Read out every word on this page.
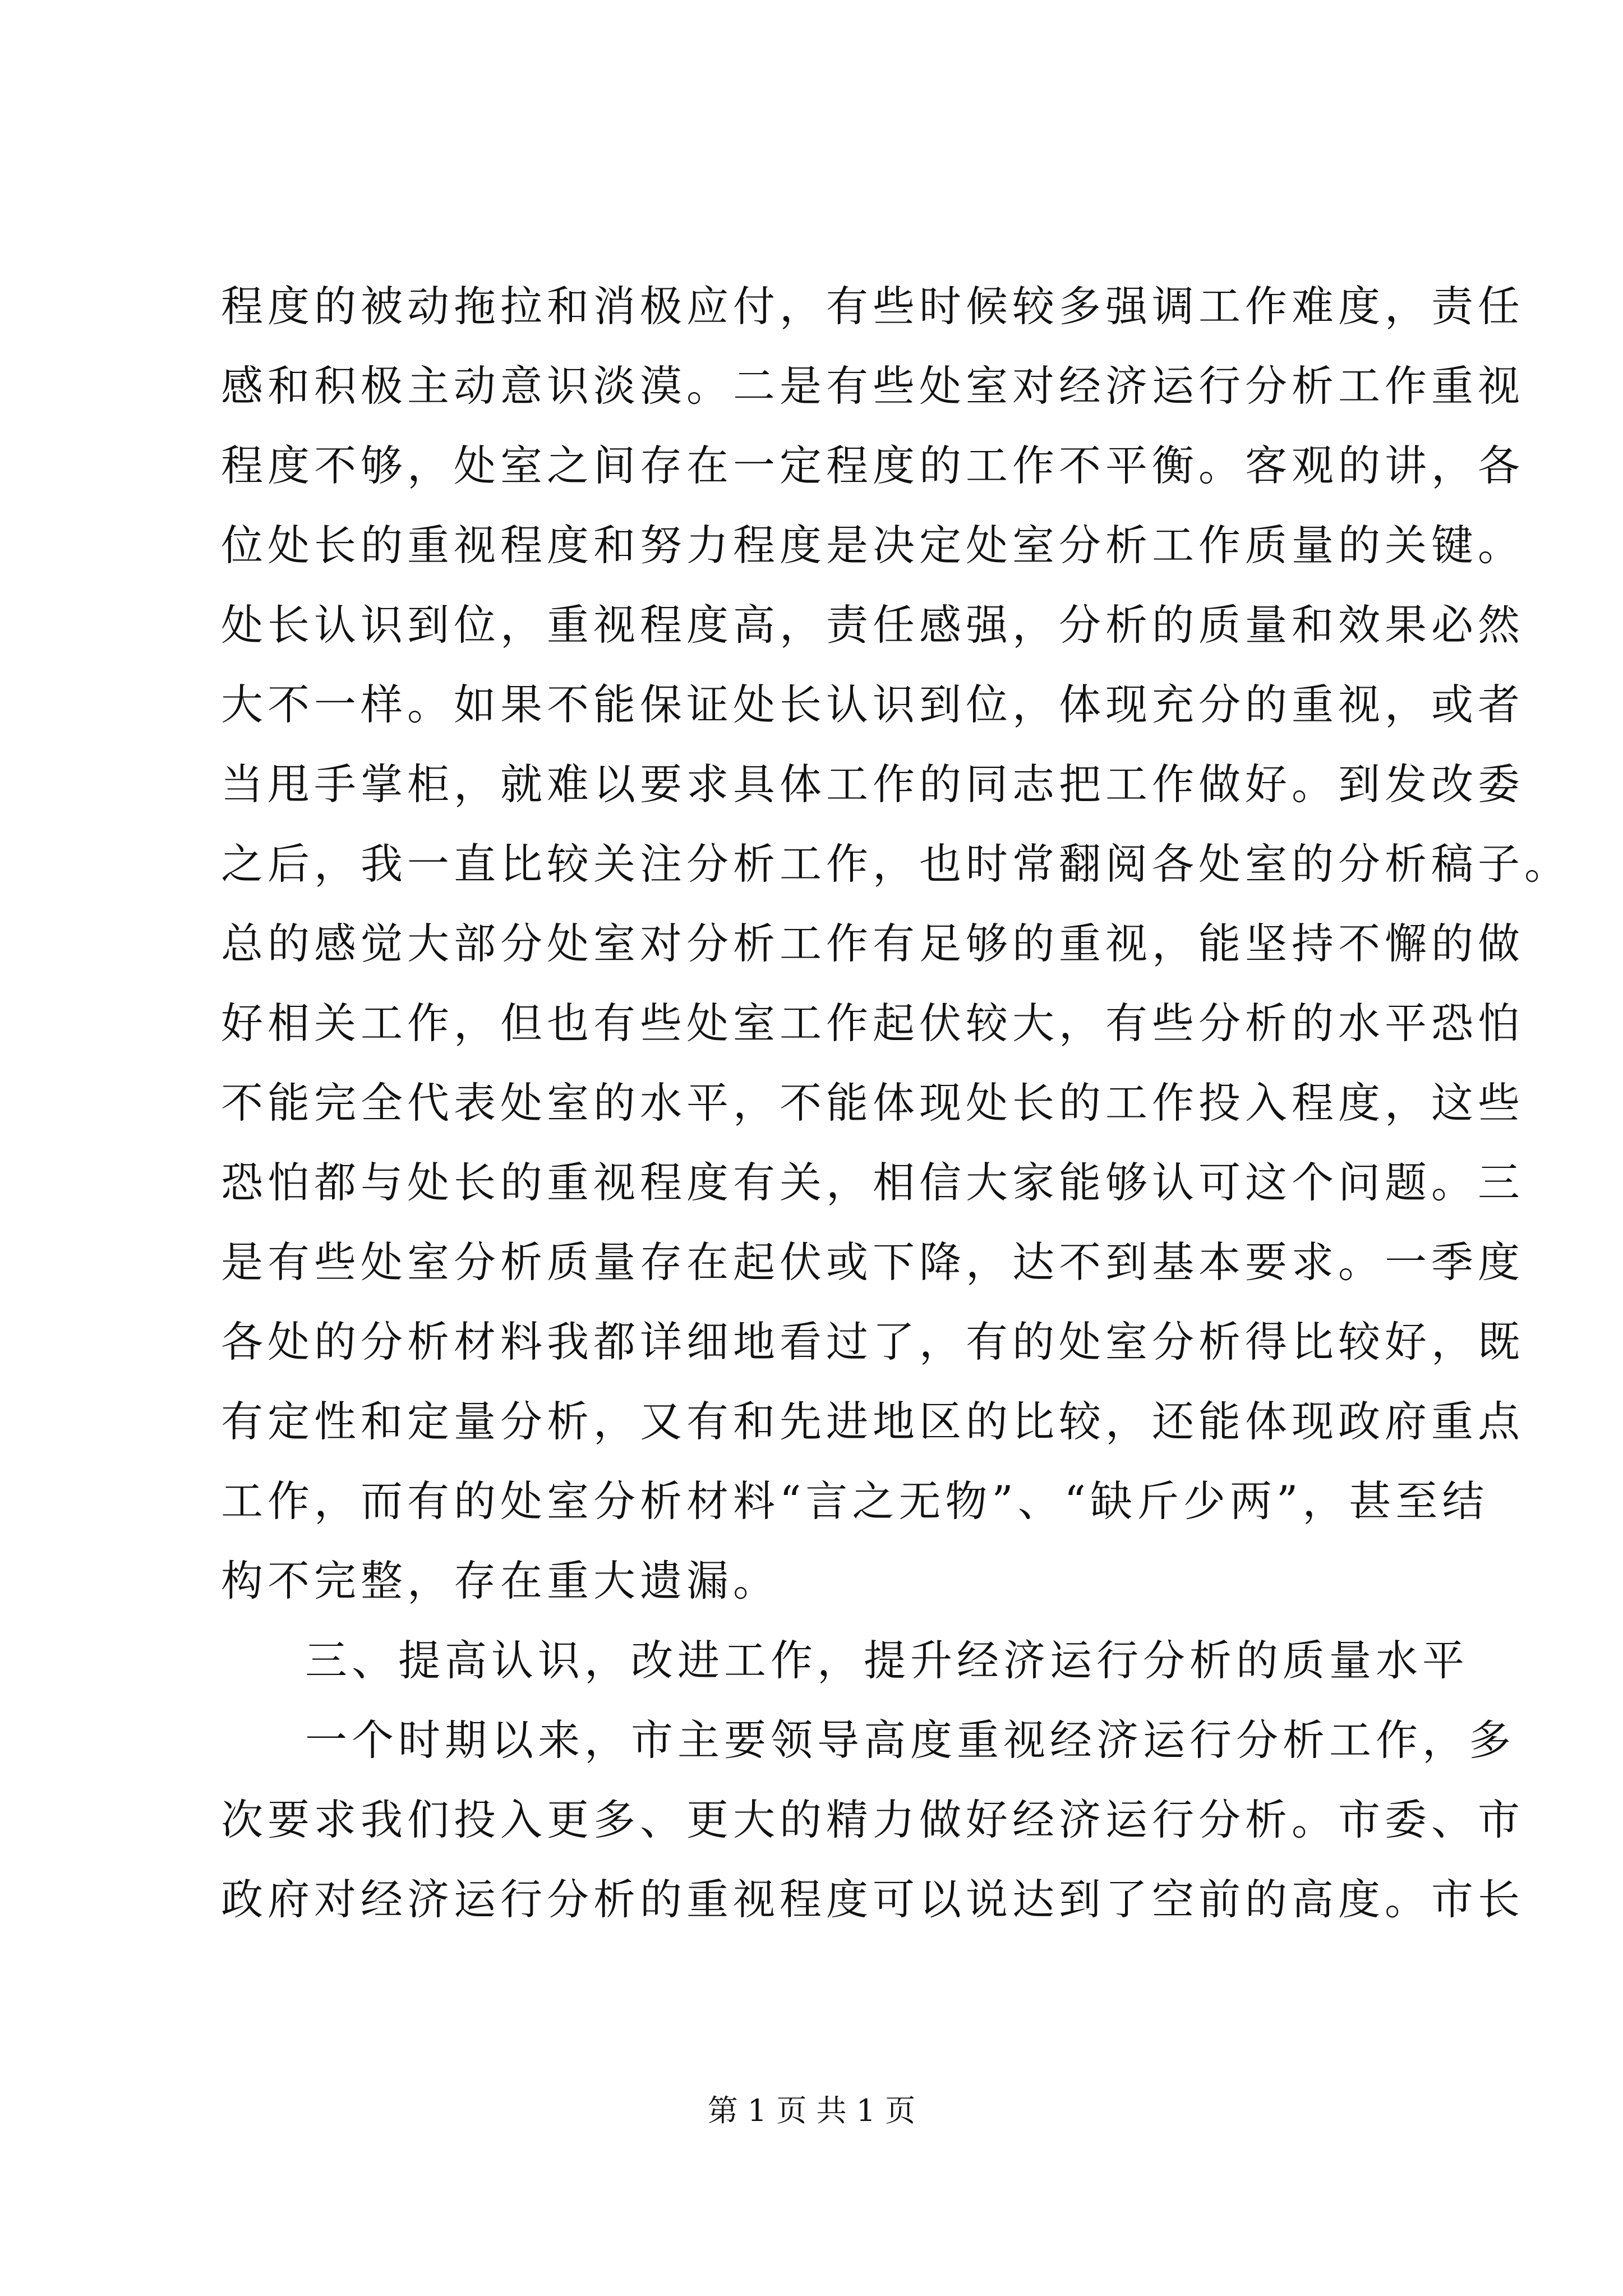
程度的被动拖拉和消极应付，有些时候较多强调工作难度，责任
感和积极主动意识淡漠。二是有些处室对经济运行分析工作重视
程度不够，处室之间存在一定程度的工作不平衡。客观的讲，各
位处长的重视程度和努力程度是决定处室分析工作质量的关键。
处长认识到位，重视程度高，责任感强，分析的质量和效果必然
大不一样。如果不能保证处长认识到位，体现充分的重视，或者
当甩手掌柜，就难以要求具体工作的同志把工作做好。到发改委
之后，我一直比较关注分析工作，也时常翻阅各处室的分析稿子。
总的感觉大部分处室对分析工作有足够的重视，能坚持不懈的做
好相关工作，但也有些处室工作起伏较大，有些分析的水平恐怕
不能完全代表处室的水平，不能体现处长的工作投入程度，这些
恐怕都与处长的重视程度有关，相信大家能够认可这个问题。三
是有些处室分析质量存在起伏或下降，达不到基本要求。一季度
各处的分析材料我都详细地看过了，有的处室分析得比较好，既
有定性和定量分析，又有和先进地区的比较，还能体现政府重点
工作，而有的处室分析材料“言之无物”、“缺斤少两”，甚至结
构不完整，存在重大遗漏。
三、提高认识，改进工作，提升经济运行分析的质量水平
一个时期以来，市主要领导高度重视经济运行分析工作，多
次要求我们投入更多、更大的精力做好经济运行分析。市委、市
政府对经济运行分析的重视程度可以说达到了空前的高度。市长
第 1 页 共 1 页
